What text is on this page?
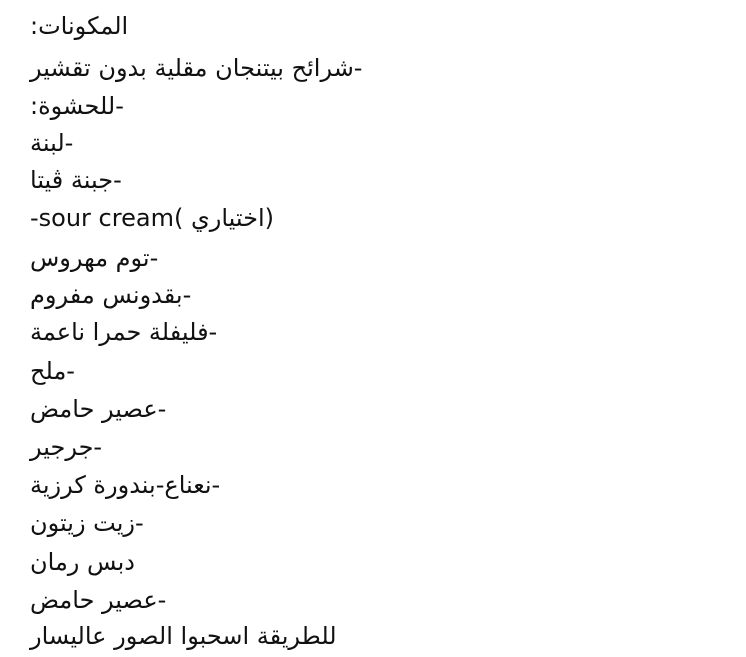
المكونات:
-شرائح بيتنجان مقلية بدون تقشير
-للحشوة:
-لبنة
-جبنة ڤيتا
-sour cream( اختياري)
-توم مهروس
-بقدونس مفروم
-فليفلة حمرا ناعمة
-ملح
-عصير حامض
-جرجير
-نعناع-بندورة كرزية
-زيت زيتون
دبس رمان
-عصير حامض
للطريقة اسحبوا الصور عاليسار
